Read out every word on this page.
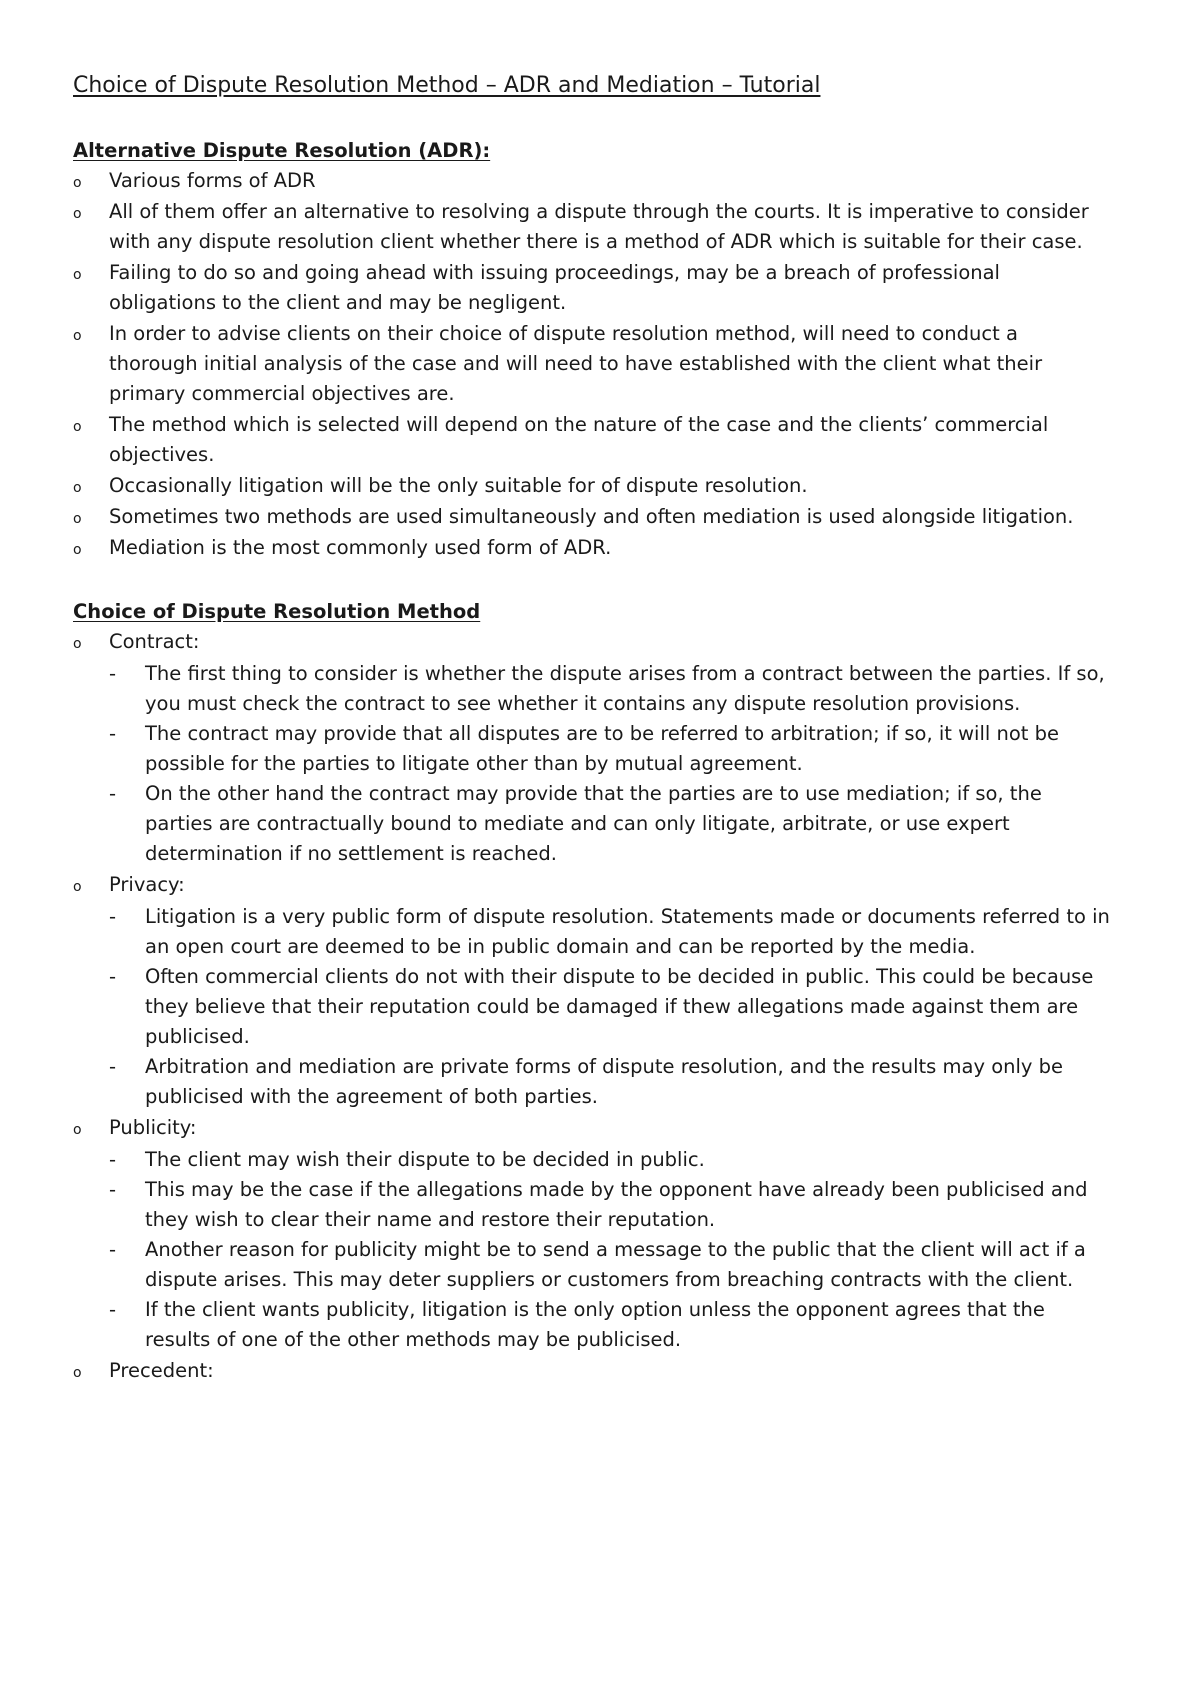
Choice of Dispute Resolution Method – ADR and Mediation – Tutorial
Alternative Dispute Resolution (ADR):
o Various forms of ADR
o All of them offer an alternative to resolving a dispute through the courts. It is imperative to consider with any dispute resolution client whether there is a method of ADR which is suitable for their case.
o Failing to do so and going ahead with issuing proceedings, may be a breach of professional obligations to the client and may be negligent.
o In order to advise clients on their choice of dispute resolution method, will need to conduct a thorough initial analysis of the case and will need to have established with the client what their primary commercial objectives are.
o The method which is selected will depend on the nature of the case and the clients’ commercial objectives.
o Occasionally litigation will be the only suitable for of dispute resolution.
o Sometimes two methods are used simultaneously and often mediation is used alongside litigation.
o Mediation is the most commonly used form of ADR.
Choice of Dispute Resolution Method
o Contract:
- The first thing to consider is whether the dispute arises from a contract between the parties. If so, you must check the contract to see whether it contains any dispute resolution provisions.
- The contract may provide that all disputes are to be referred to arbitration; if so, it will not be possible for the parties to litigate other than by mutual agreement.
- On the other hand the contract may provide that the parties are to use mediation; if so, the parties are contractually bound to mediate and can only litigate, arbitrate, or use expert determination if no settlement is reached.
o Privacy:
- Litigation is a very public form of dispute resolution. Statements made or documents referred to in an open court are deemed to be in public domain and can be reported by the media.
- Often commercial clients do not with their dispute to be decided in public. This could be because they believe that their reputation could be damaged if thew allegations made against them are publicised.
- Arbitration and mediation are private forms of dispute resolution, and the results may only be publicised with the agreement of both parties.
o Publicity:
- The client may wish their dispute to be decided in public.
- This may be the case if the allegations made by the opponent have already been publicised and they wish to clear their name and restore their reputation.
- Another reason for publicity might be to send a message to the public that the client will act if a dispute arises. This may deter suppliers or customers from breaching contracts with the client.
- If the client wants publicity, litigation is the only option unless the opponent agrees that the results of one of the other methods may be publicised.
o Precedent:
